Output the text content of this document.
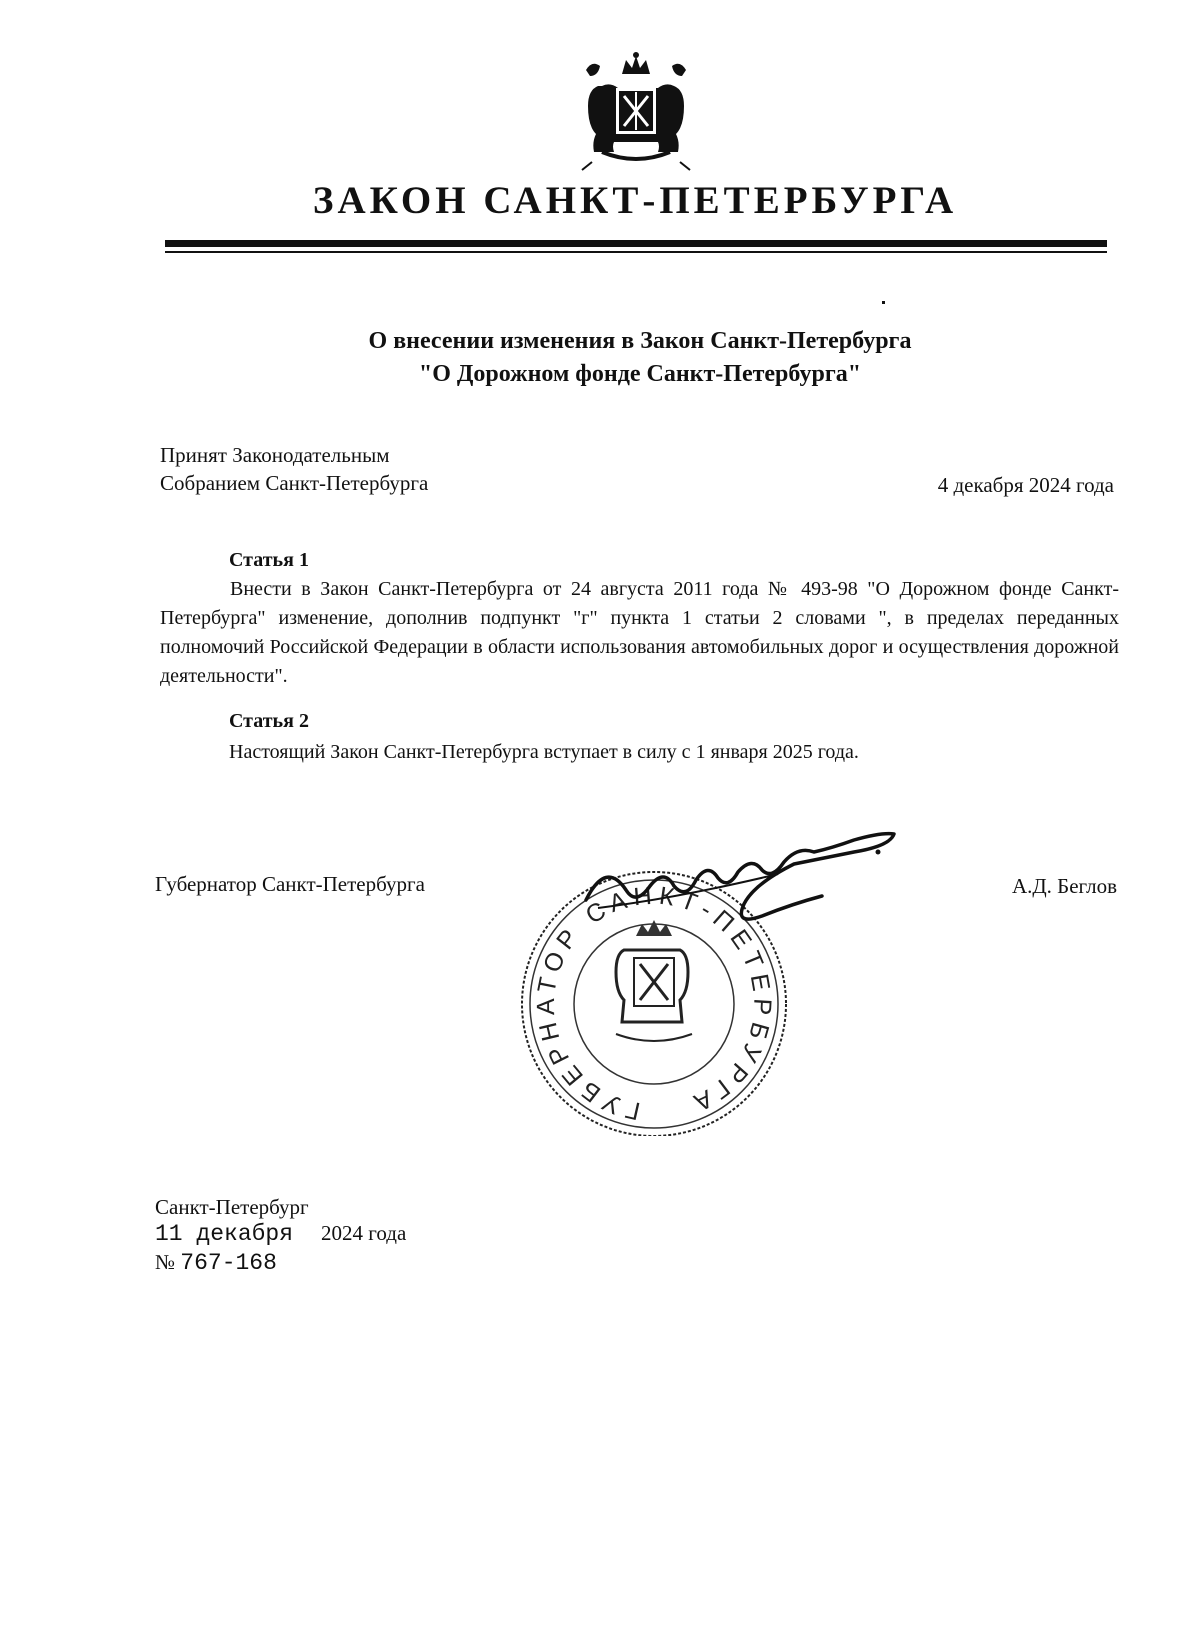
ЗАКОН САНКТ-ПЕТЕРБУРГА
О внесении изменения в Закон Санкт-Петербурга
"О Дорожном фонде Санкт-Петербурга"
Принят Законодательным
Собранием Санкт-Петербурга	4 декабря 2024 года
Статья 1
Внести в Закон Санкт-Петербурга от 24 августа 2011 года № 493-98 "О Дорожном фонде Санкт-Петербурга" изменение, дополнив подпункт "г" пункта 1 статьи 2 словами ", в пределах переданных полномочий Российской Федерации в области использования автомобильных дорог и осуществления дорожной деятельности".
Статья 2
Настоящий Закон Санкт-Петербурга вступает в силу с 1 января 2025 года.
Губернатор Санкт-Петербурга	А.Д. Беглов
ГУБЕРНАТОР САНКТ-ПЕТЕРБУРГА
Санкт-Петербург
11 декабря 2024 года
№ 767-168
